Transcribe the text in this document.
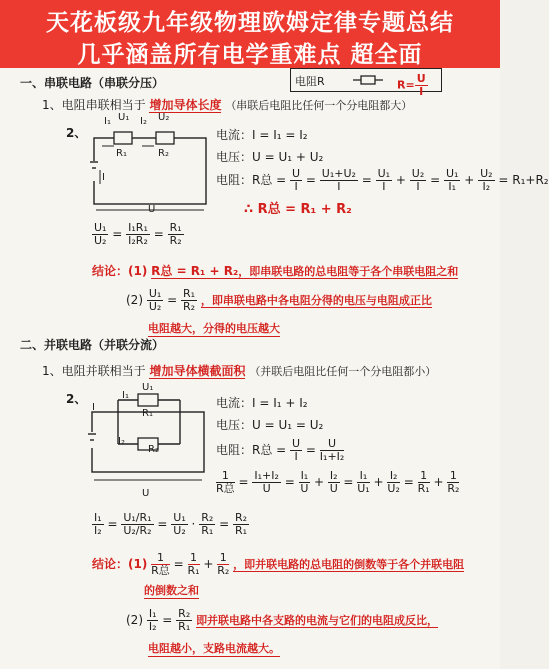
天花板级九年级物理欧姆定律专题总结
几乎涵盖所有电学重难点 超全面
电阻R	$R= \frac{U}{I}$
一、串联电路（串联分压）
1、电阻串联相当于 增加导体长度 （串联后电阻比任何一个分电阻都大）
2、
I₁ U₁ I₂ U₂
R₁	R₂
I
U
电流：I = I₁ = I₂
电压：U = U₁ + U₂
电阻：R总 = $\frac{U}{I} = \frac{\text{U₁+U₂}}{I} = \frac{\text{U₁}}{I} + \frac{\text{U₂}}{I} = \frac{\text{U₁}}{\text{I₁}} + \frac{\text{U₂}}{\text{I₂}} = R_1+R_2$
∴ R总 = R₁ + R₂
$\frac{\text{U₁}}{\text{U₂}} = \frac{\text{I₁R₁}}{\text{I₂R₂}} = \frac{\text{R₁}}{\text{R₂}}$
结论：(1) R总 = R₁ + R₂，即串联电路的总电阻等于各个串联电阻之和
$(2) \frac{\text{U₁}}{\text{U₂}} = \frac{\text{R₁}}{\text{R₂}}$ ，即串联电路中各电阻分得的电压与电阻成正比
电阻越大，分得的电压越大
二、并联电路（并联分流）
1、电阻并联相当于 增加导体横截面积 （并联后电阻比任何一个分电阻都小）
2、
I
I₁
U₁
R₁
I₂
R₂
U
电流：I = I₁ + I₂
电压：U = U₁ = U₂
电阻：R总 = $\frac{U}{I} = \frac{U}{\text{I₁+I₂}}$
$\frac{1}{\text{R总}} = \frac{\text{I₁+I₂}}{U} = \frac{\text{I₁}}{U} + \frac{\text{I₂}}{U} = \frac{\text{I₁}}{\text{U₁}} + \frac{\text{I₂}}{\text{U₂}} = \frac{1}{\text{R₁}} + \frac{1}{\text{R₂}}$
$\frac{\text{I₁}}{\text{I₂}} = \frac{\text{U₁/R₁}}{\text{U₂/R₂}} = \frac{\text{U₁}}{\text{U₂}} \cdot \frac{\text{R₂}}{\text{R₁}} = \frac{\text{R₂}}{\text{R₁}}$
结论：$(1) \frac{1}{\text{R总}} = \frac{1}{\text{R₁}} + \frac{1}{\text{R₂}}$ ，即并联电路的总电阻的倒数等于各个并联电阻
的倒数之和
$(2) \frac{\text{I₁}}{\text{I₂}} = \frac{\text{R₂}}{\text{R₁}}$ 即并联电路中各支路的电流与它们的电阻成反比，
电阻越小，支路电流越大。
